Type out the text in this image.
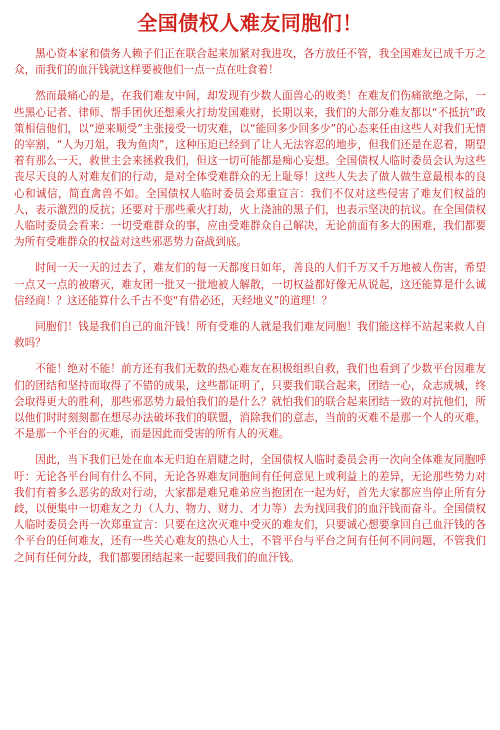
全国债权人难友同胞们！

黑心资本家和债务人赖子们正在联合起来加紧对我进攻，各方放任不管，我全国难友已成千万之众，而我们的血汗钱就这样要被他们一点一点在吐食着！

然而最痛心的是，在我们难友中间，却发现有少数人面兽心的败类！在难友们伤痛欲绝之际，一些黑心记者、律师、帮手团伙还想乘火打劫发国难财，长期以来，我们的大部分难友都以“不抵抗”政策相信他们，以“逆来顺受”主张接受一切灾难，以“能回多少回多少”的心态来任由这些人对我们无情的宰割，“人为刀俎，我为鱼肉”，这种压迫已经到了让人无法容忍的地步，但我们还是在忍着，期望着有那么一天，救世主会来拯救我们，但这一切可能都是痴心妄想。全国债权人临时委员会认为这些丧尽天良的人对难友们的行动，是对全体受难群众的无上耻辱！这些人失去了做人做生意最根本的良心和诚信，简直禽兽不如。全国债权人临时委员会郑重宣言：我们不仅对这些侵害了难友们权益的人，表示激烈的反抗；还要对于那些乘火打劫，火上浇油的黑子们，也表示坚决的抗议。在全国债权人临时委员会看来：一切受难群众的事，应由受难群众自己解决，无论前面有多大的困难，我们都要为所有受难群众的权益对这些邪恶势力奋战到底。

时间一天一天的过去了，难友们的每一天都度日如年，善良的人们千万又千万地被人伤害，希望一点又一点的被磨灭，难友团一批又一批地被人解散，一切权益都好像无从说起，这还能算是什么诚信经商！？这还能算什么千古不变“有借必还，天经地义”的道理！？

同胞们！钱是我们自己的血汗钱！所有受难的人就是我们难友同胞！我们能这样不站起来救人自救吗？

不能！绝对不能！前方还有我们无数的热心难友在积极组织自救，我们也看到了少数平台因难友们的团结和坚持而取得了不错的成果，这些都证明了，只要我们联合起来，团结一心，众志成城，终会取得更大的胜利，那些邪恶势力最怕我们的是什么？就怕我们的联合起来团结一致的对抗他们，所以他们时时刻刻都在想尽办法破坏我们的联盟，消除我们的意志，当前的灭难不是那一个人的灭难，不是那一个平台的灭难，而是因此而受害的所有人的灭难。

因此，当下我们已处在血本无归迫在眉睫之时，全国债权人临时委员会再一次向全体难友同胞呼吁：无论各平台间有什么不同，无论各界难友同胞间有任何意见上或利益上的差异，无论那些势力对我们有着多么恶劣的敌对行动，大家都是难兄难弟应当抱团在一起为好，首先大家都应当停止所有分歧，以便集中一切难友之力（人力、物力、财力、才力等）去为找回我们的血汗钱而奋斗。全国债权人临时委员会再一次郑重宣言：只要在这次灭难中受灭的难友们，只要诚心想要拿回自己血汗钱的各个平台的任何难友，还有一些关心难友的热心人士，不管平台与平台之间有任何不同问题，不管我们之间有任何分歧，我们都要团结起来一起要回我们的血汗钱。
